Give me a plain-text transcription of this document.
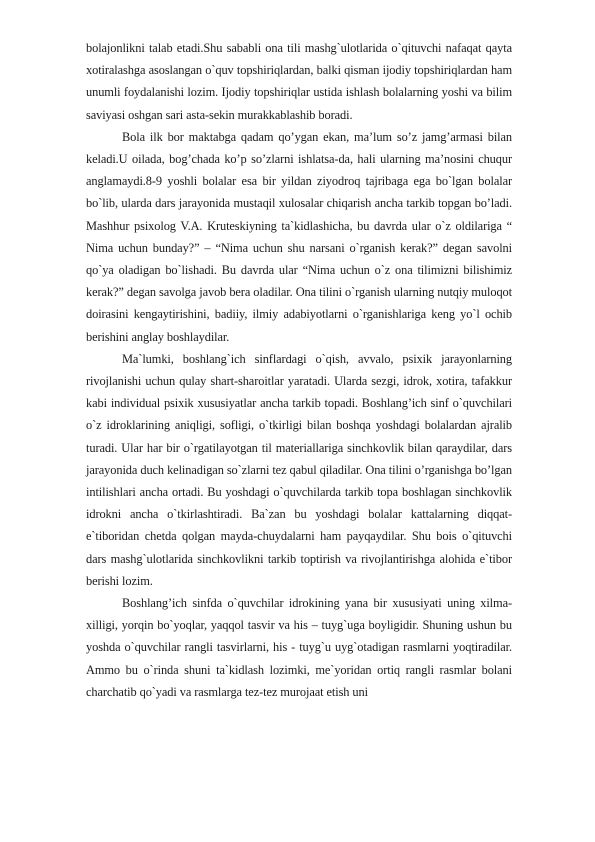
bolajonlikni talab etadi.Shu sababli ona tili mashg`ulotlarida o`qituvchi nafaqat qayta xotiralashga asoslangan o`quv topshiriqlardan, balki qisman ijodiy topshiriqlardan ham unumli foydalanishi lozim. Ijodiy topshiriqlar ustida ishlash bolalarning yoshi va bilim saviyasi oshgan sari asta-sekin murakkablashib boradi.

Bola ilk bor maktabga qadam qo’ygan ekan, ma’lum so’z jamg’armasi bilan keladi.U oilada, bog’chada ko’p so’zlarni ishlatsa-da, hali ularning ma’nosini chuqur anglamaydi.8-9 yoshli bolalar esa bir yildan ziyodroq tajribaga ega bo`lgan bolalar bo`lib, ularda dars jarayonida mustaqil xulosalar chiqarish ancha tarkib topgan bo’ladi. Mashhur psixolog V.A. Kruteskiyning ta`kidlashicha, bu davrda ular o`z oldilariga “ Nima uchun bunday?” – “Nima uchun shu narsani o`rganish kerak?” degan savolni qo`ya oladigan bo`lishadi. Bu davrda ular “Nima uchun o`z ona tilimizni bilishimiz kerak?” degan savolga javob bera oladilar. Ona tilini o`rganish ularning nutqiy muloqot doirasini kengaytirishini, badiiy, ilmiy adabiyotlarni o`rganishlariga keng yo`l ochib berishini anglay boshlaydilar.

Ma`lumki, boshlang`ich sinflardagi o`qish, avvalo, psixik jarayonlarning rivojlanishi uchun qulay shart-sharoitlar yaratadi. Ularda sezgi, idrok, xotira, tafakkur kabi individual psixik xususiyatlar ancha tarkib topadi. Boshlang’ich sinf o`quvchilari o`z idroklarining aniqligi, sofligi, o`tkirligi bilan boshqa yoshdagi bolalardan ajralib turadi. Ular har bir o`rgatilayotgan til materiallariga sinchkovlik bilan qaraydilar, dars jarayonida duch kelinadigan so`zlarni tez qabul qiladilar. Ona tilini o’rganishga bo’lgan intilishlari ancha ortadi. Bu yoshdagi o`quvchilarda tarkib topa boshlagan sinchkovlik idrokni ancha o`tkirlashtiradi. Ba`zan bu yoshdagi bolalar kattalarning diqqat-e`tiboridan chetda qolgan mayda-chuydalarni ham payqaydilar. Shu bois o`qituvchi dars mashg`ulotlarida sinchkovlikni tarkib toptirish va rivojlantirishga alohida e`tibor berishi lozim.

Boshlang’ich sinfda o`quvchilar idrokining yana bir xususiyati uning xilma-xilligi, yorqin bo`yoqlar, yaqqol tasvir va his – tuyg`uga boyligidir. Shuning ushun bu yoshda o`quvchilar rangli tasvirlarni, his - tuyg`u uyg`otadigan rasmlarni yoqtiradilar. Ammo bu o`rinda shuni ta`kidlash lozimki, me`yoridan ortiq rangli rasmlar bolani charchatib qo`yadi va rasmlarga tez-tez murojaat etish uni
